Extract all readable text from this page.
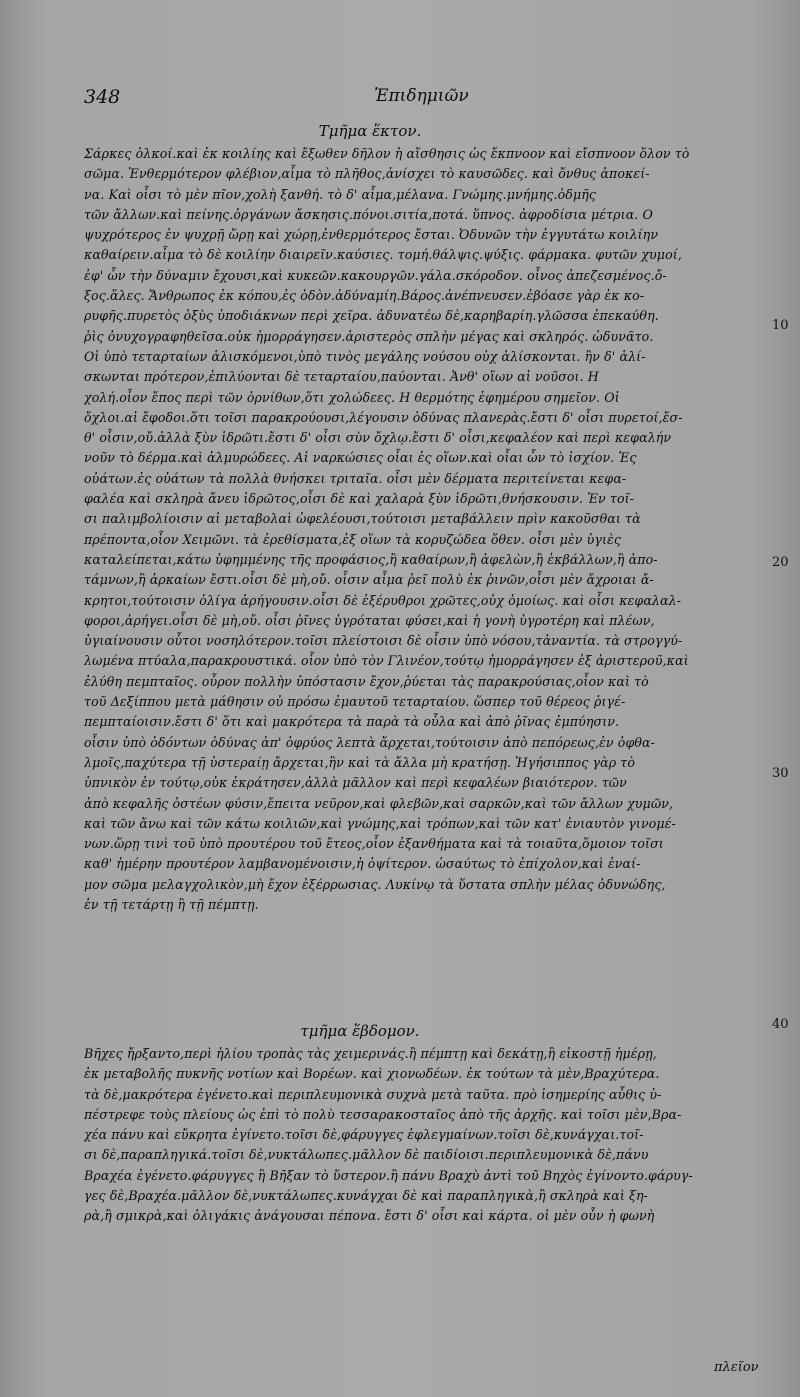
348	Ἐπιδημιῶν
Τμῆμα ἕκτον.
Σάρκες ὁλκοί.καὶ ἐκ κοιλίης καὶ ἔξωθεν δῆλον ἡ αἴσθησις ὡς ἔκπνοον καὶ εἴσπνοον ὅλον τὸ
σῶμα. Ἐνθερμότερον φλέβιον,αἷμα τὸ πλῆθος,ἀνίσχει τὸ καυσῶδες. καὶ ὄνθυς ἀποκεί-
να. Καὶ οἷσι τὸ μὲν πῖον,χολὴ ξανθή. τὸ δ' αἷμα,μέλανα. Γνώμης.μνήμης.ὀδμῆς
τῶν ἄλλων.καὶ πείνης.ὀργάνων ἄσκησις.πόνοι.σιτία,ποτά. ὕπνος. ἀφροδίσια μέτρια. Ο
ψυχρότερος ἐν ψυχρῇ ὥρῃ καὶ χώρῃ,ἐνθερμότερος ἔσται. Ὀδυνῶν τὴν ἐγγυτάτω κοιλίην
καθαίρειν.αἷμα τὸ δὲ κοιλίην διαιρεῖν.καύσιες. τομή.θάλψις.ψύξις. φάρμακα. φυτῶν χυμοί,
ἐφ' ὧν τὴν δύναμιν ἔχουσι,καὶ κυκεῶν.κακουργῶν.γάλα.σκόροδον. οἶνος ἀπεζεσμένος.ὄ-
ξος.ἅλες. Ἄνθρωπος ἐκ κόπου,ἐς ὁδὸν.ἀδύναμίη.Βάρος.ἀνέπνευσεν.ἐβόασε γὰρ ἐκ κο-
ρυφῆς.πυρετὸς ὀξὺς ὑποδιάκνων περὶ χεῖρα. ἀδυνατέω δὲ,καρηβαρίη.γλῶσσα ἐπεκαύθη.
ῥὶς ὀνυχογραφηθεῖσα.οὐκ ἠμορράγησεν.ἀριστερὸς σπλὴν μέγας καὶ σκληρός. ὠδυνᾶτο.
Οἱ ὑπὸ τεταρταίων ἁλισκόμενοι,ὑπὸ τινὸς μεγάλης νούσου οὐχ ἁλίσκονται. ἢν δ' ἁλί-
σκωνται πρότερον,ἐπιλύονται δὲ τεταρταίου,παύονται. Ἀνθ' οἵων αἱ νοῦσοι. Η
χολή.οἷον ἔπος περὶ τῶν ὀρνίθων,ὅτι χολώδεες. Η θερμότης ἐφημέρου σημεῖον. Οἱ
ὄχλοι.αἱ ἔφοδοι.ὅτι τοῖσι παρακρούουσι,λέγουσιν ὀδύνας πλανερὰς.ἔστι δ' οἷσι πυρετοί,ἔσ-
θ' οἷσιν,οὔ.ἀλλὰ ξὺν ἱδρῶτι.ἔστι δ' οἷσι σὺν ὄχλῳ.ἔστι δ' οἷσι,κεφαλέον καὶ περὶ κεφαλήν
νοῦν τὸ δέρμα.καὶ ἁλμυρώδεες. Αἱ ναρκώσιες οἷαι ἐς οἵων.καὶ οἷαι ὧν τὸ ἰσχίον. Ἐς
οὐάτων.ἐς οὐάτων τὰ πολλὰ θνήσκει τριταῖα. οἷσι μὲν δέρματα περιτείνεται κεφα-
φαλέα καὶ σκληρὰ ἄνευ ἱδρῶτος,οἷσι δὲ καὶ χαλαρὰ ξὺν ἱδρῶτι,θνήσκουσιν. Ἐν τοῖ-
σι παλιμβολίοισιν αἱ μεταβολαὶ ὠφελέουσι,τούτοισι μεταβάλλειν πρὶν κακοῦσθαι τὰ
πρέποντα,οἷον Χειμῶνι. τὰ ἐρεθίσματα,ἐξ οἵων τὰ κορυζώδεα ὅθεν. οἷσι μὲν ὑγιὲς
καταλείπεται,κάτω ὑφημμένης τῆς προφάσιος,ἢ καθαίρων,ἢ ἀφελὼν,ἢ ἐκβάλλων,ἢ ἀπο-
τάμνων,ἢ ἀρκαίων ἔστι.οἷσι δὲ μὴ,οὔ. οἷσιν αἷμα ῥεῖ πολὺ ἐκ ῥινῶν,οἷσι μὲν ἄχροιαι ἄ-
κρητοι,τούτοισιν ὀλίγα ἀρήγουσιν.οἷσι δὲ ἐξέρυθροι χρῶτες,οὐχ ὁμοίως. καὶ οἷσι κεφαλαλ-
φοροι,ἀρήγει.οἷσι δὲ μὴ,οὔ. οἷσι ῥῖνες ὑγρόταται φύσει,καὶ ἡ γονὴ ὑγροτέρη καὶ πλέων,
ὑγιαίνουσιν οὗτοι νοσηλότερον.τοῖσι πλείστοισι δὲ οἷσιν ὑπὸ νόσου,τἀναντία. τὰ στρογγύ-
λωμένα πτύαλα,παρακρουστικά. οἷον ὑπὸ τὸν Γλινέον,τούτῳ ἠμορράγησεν ἐξ ἀριστεροῦ,καὶ
ἐλύθη πεμπταῖος. οὖρον πολλὴν ὑπόστασιν ἔχον,ῥύεται τὰς παρακρούσιας,οἷον καὶ τὸ
τοῦ Δεξίππου μετὰ μάθησιν οὐ πρόσω ἐμαυτοῦ τεταρταίου. ὥσπερ τοῦ θέρεος ῥιγέ-
πεμπταίοισιν.ἔστι δ' ὅτι καὶ μακρότερα τὰ παρὰ τὰ οὖλα καὶ ἀπὸ ῥῖνας ἐμπύησιν.
οἷσιν ὑπὸ ὀδόντων ὀδύνας ἀπ' ὀφρύος λεπτὰ ἄρχεται,τούτοισιν ἀπὸ πεπόρεως,ἐν ὀφθα-
λμοῖς,παχύτερα τῇ ὑστεραίῃ ἄρχεται,ἢν καὶ τὰ ἄλλα μὴ κρατήσῃ. Ἡγήσιππος γὰρ τὸ
ὑπνικὸν ἐν τούτῳ,οὐκ ἐκράτησεν,ἀλλὰ μᾶλλον καὶ περὶ κεφαλέων βιαιότερον. τῶν
ἀπὸ κεφαλῆς ὀστέων φύσιν,ἔπειτα νεῦρον,καὶ φλεβῶν,καὶ σαρκῶν,καὶ τῶν ἄλλων χυμῶν,
καὶ τῶν ἄνω καὶ τῶν κάτω κοιλιῶν,καὶ γνώμης,καὶ τρόπων,καὶ τῶν κατ' ἐνιαυτὸν γινομέ-
νων.ὥρῃ τινὶ τοῦ ὑπὸ προυτέρου τοῦ ἔτεος,οἷον ἐξανθήματα καὶ τὰ τοιαῦτα,ὅμοιον τοῖσι
καθ' ἡμέρην προυτέρον λαμβανομένοισιν,ἡ ὀψίτερον. ὡσαύτως τὸ ἐπίχολον,καὶ ἐναί-
μον σῶμα μελαγχολικὸν,μὴ ἔχον ἐξέρρωσιας. Λυκίνῳ τὰ ὕστατα σπλὴν μέλας ὀδυνώδης,
ἐν τῇ τετάρτῃ ἢ τῇ πέμπτῃ.
τμῆμα ἕβδομον.
Βῆχες ἤρξαντο,περὶ ἡλίου τροπὰς τὰς χειμερινάς.ἢ πέμπτῃ καὶ δεκάτῃ,ἢ εἰκοστῇ ἡμέρῃ,
ἐκ μεταβολῆς πυκνῆς νοτίων καὶ Βορέων. καὶ χιονωδέων. ἐκ τούτων τὰ μὲν,Βραχύτερα.
τὰ δὲ,μακρότερα ἐγένετο.καὶ περιπλευμονικὰ συχνὰ μετὰ ταῦτα. πρὸ ἰσημερίης αὖθις ὑ-
πέστρεφε τοὺς πλείους ὡς ἐπὶ τὸ πολὺ τεσσαρακοσταῖος ἀπὸ τῆς ἀρχῆς. καὶ τοῖσι μὲν,Βρα-
χέα πάνυ καὶ εὔκρητα ἐγίνετο.τοῖσι δὲ,φάρυγγες ἐφλεγμαίνων.τοῖσι δὲ,κυνάγχαι.τοῖ-
σι δὲ,παραπληγικά.τοῖσι δὲ,νυκτάλωπες.μᾶλλον δὲ παιδίοισι.περιπλευμονικὰ δὲ,πάνυ
Βραχέα ἐγένετο.φάρυγγες ἢ Βῆξαν τὸ ὕστερον.ἢ πάνυ Βραχὺ ἀντὶ τοῦ Βηχὸς ἐγίνοντο.φάρυγ-
γες δὲ,Βραχέα.μᾶλλον δὲ,νυκτάλωπες.κυνάγχαι δὲ καὶ παραπληγικὰ,ἢ σκληρὰ καὶ ξη-
ρὰ,ἢ σμικρὰ,καὶ ὀλιγάκις ἀνάγουσαι πέπονα. ἔστι δ' οἷσι καὶ κάρτα. οἱ μὲν οὖν ἡ φωνὴ
10
20
30
40
πλεῖον
